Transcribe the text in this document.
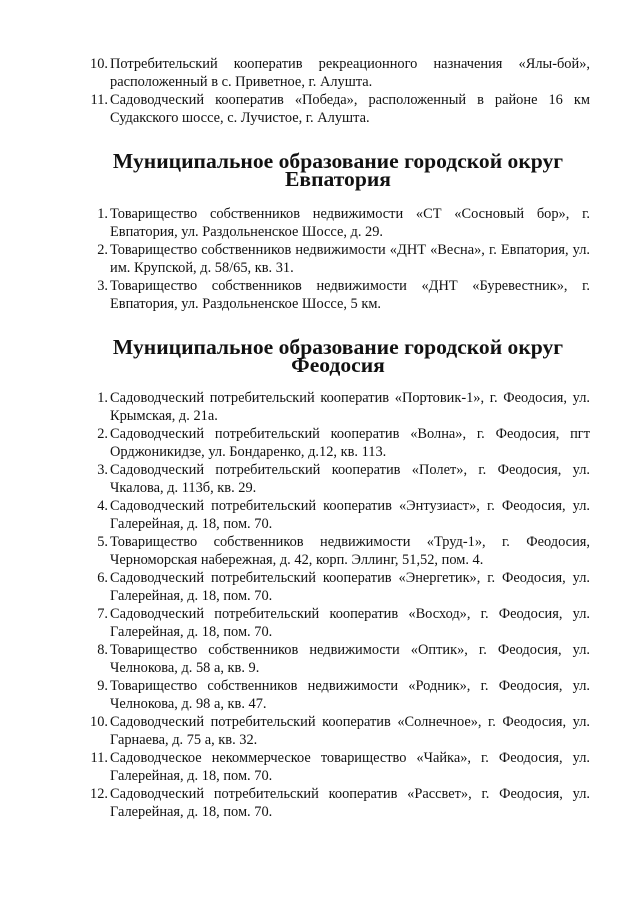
10. Потребительский кооператив рекреационного назначения «Ялы-бой», расположенный в с. Приветное, г. Алушта.
11. Садоводческий кооператив «Победа», расположенный в районе 16 км Судакского шоссе, с. Лучистое, г. Алушта.
Муниципальное образование городской округ Евпатория
1. Товарищество собственников недвижимости «СТ «Сосновый бор», г. Евпатория, ул. Раздольненское Шоссе, д. 29.
2. Товарищество собственников недвижимости «ДНТ «Весна», г. Евпатория, ул. им. Крупской, д. 58/65, кв. 31.
3. Товарищество собственников недвижимости «ДНТ «Буревестник», г. Евпатория, ул. Раздольненское Шоссе, 5 км.
Муниципальное образование городской округ Феодосия
1. Садоводческий потребительский кооператив «Портовик-1», г. Феодосия, ул. Крымская, д. 21а.
2. Садоводческий потребительский кооператив «Волна», г. Феодосия, пгт Орджоникидзе, ул. Бондаренко, д.12, кв. 113.
3. Садоводческий потребительский кооператив «Полет», г. Феодосия, ул. Чкалова, д. 113б, кв. 29.
4. Садоводческий потребительский кооператив «Энтузиаст», г. Феодосия, ул. Галерейная, д. 18, пом. 70.
5. Товарищество собственников недвижимости «Труд-1», г. Феодосия, Черноморская набережная, д. 42, корп. Эллинг, 51,52, пом. 4.
6. Садоводческий потребительский кооператив «Энергетик», г. Феодосия, ул. Галерейная, д. 18, пом. 70.
7. Садоводческий потребительский кооператив «Восход», г. Феодосия, ул. Галерейная, д. 18, пом. 70.
8. Товарищество собственников недвижимости «Оптик», г. Феодосия, ул. Челнокова, д. 58 а, кв. 9.
9. Товарищество собственников недвижимости «Родник», г. Феодосия, ул. Челнокова, д. 98 а, кв. 47.
10. Садоводческий потребительский кооператив «Солнечное», г. Феодосия, ул. Гарнаева, д. 75 а, кв. 32.
11. Садоводческое некоммерческое товарищество «Чайка», г. Феодосия, ул. Галерейная, д. 18, пом. 70.
12. Садоводческий потребительский кооператив «Рассвет», г. Феодосия, ул. Галерейная, д. 18, пом. 70.
